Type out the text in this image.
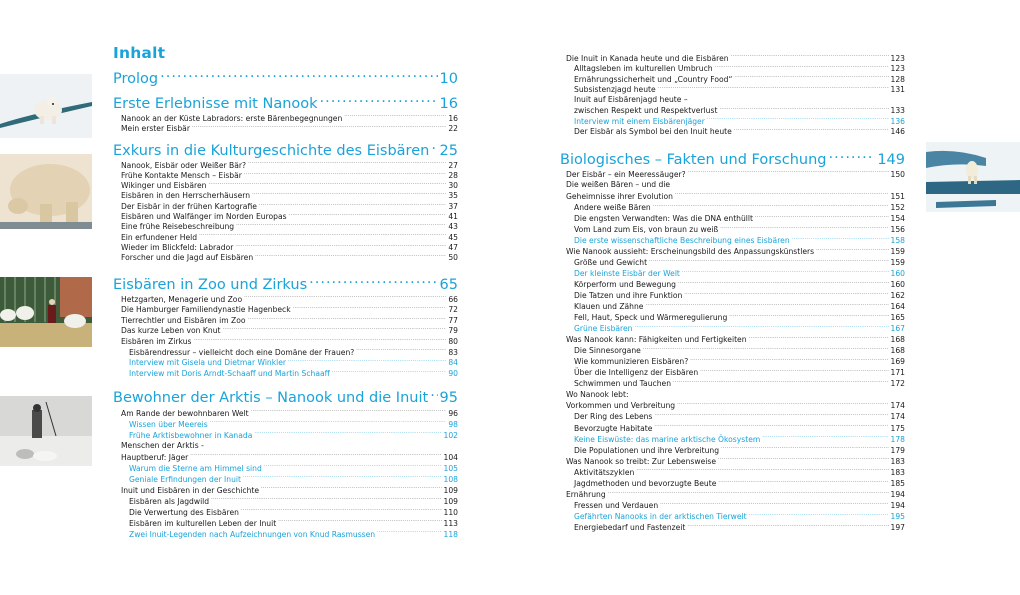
Inhalt
Prolog .....	10
Erste Erlebnisse mit Nanook .....	16
Nanook an der Küste Labradors: erste Bärenbegegnungen .....	16
Mein erster Eisbär .....	22
Exkurs in die Kulturgeschichte des Eisbären ..... 25
Nanook, Eisbär oder Weißer Bär? .....	27
Frühe Kontakte Mensch – Eisbär .....	28
Wikinger und Eisbären .....	30
Eisbären in den Herrscherhäusern .....	35
Der Eisbär in der frühen Kartografie .....	37
Eisbären und Walfänger im Norden Europas .....	41
Eine frühe Reisebeschreibung .....	43
Ein erfundener Held .....	45
Wieder im Blickfeld: Labrador .....	47
Forscher und die Jagd auf Eisbären .....	50
Eisbären in Zoo und Zirkus .....	65
Hetzgarten, Menagerie und Zoo .....	66
Die Hamburger Familiendynastie Hagenbeck .....	72
Tierrechtler und Eisbären im Zoo .....	77
Das kurze Leben von Knut .....	79
Eisbären im Zirkus .....	80
Eisbärendressur – vielleicht doch eine Domäne der Frauen? .....	83
Interview mit Gisela und Dietmar Winkler .....	84
Interview mit Doris Arndt-Schaaff und Martin Schaaff .....	90
Bewohner der Arktis – Nanook und die Inuit ..... 95
Am Rande der bewohnbaren Welt .....	96
Wissen über Meereis .....	98
Frühe Arktisbewohner in Kanada .....	102
Menschen der Arktis -
Hauptberuf: Jäger .....	104
Warum die Sterne am Himmel sind .....	105
Geniale Erfindungen der Inuit .....	108
Inuit und Eisbären in der Geschichte .....	109
Eisbären als Jagdwild .....	109
Die Verwertung des Eisbären .....	110
Eisbären im kulturellen Leben der Inuit .....	113
Zwei Inuit-Legenden nach Aufzeichnungen von Knud Rasmussen .....	118
Die Inuit in Kanada heute und die Eisbären .....	123
Alltagsleben im kulturellen Umbruch .....	123
Ernährungssicherheit und „Country Food“ .....	128
Subsistenzjagd heute .....	131
Inuit auf Eisbärenjagd heute –
zwischen Respekt und Respektverlust .....	133
Interview mit einem Eisbärenjäger .....	136
Der Eisbär als Symbol bei den Inuit heute .....	146
Biologisches – Fakten und Forschung .....	149
Der Eisbär – ein Meeressäuger? .....	150
Die weißen Bären – und die
Geheimnisse ihrer Evolution .....	151
Andere weiße Bären .....	152
Die engsten Verwandten: Was die DNA enthüllt .....	154
Vom Land zum Eis, von braun zu weiß .....	156
Die erste wissenschaftliche Beschreibung eines Eisbären .....	158
Wie Nanook aussieht: Erscheinungsbild des Anpassungskünstlers .....	159
Größe und Gewicht .....	159
Der kleinste Eisbär der Welt .....	160
Körperform und Bewegung .....	160
Die Tatzen und ihre Funktion .....	162
Klauen und Zähne .....	164
Fell, Haut, Speck und Wärmeregulierung .....	165
Grüne Eisbären .....	167
Was Nanook kann: Fähigkeiten und Fertigkeiten .....	168
Die Sinnesorgane .....	168
Wie kommunizieren Eisbären? .....	169
Über die Intelligenz der Eisbären .....	171
Schwimmen und Tauchen .....	172
Wo Nanook lebt:
Vorkommen und Verbreitung .....	174
Der Ring des Lebens .....	174
Bevorzugte Habitate .....	175
Keine Eiswüste: das marine arktische Ökosystem .....	178
Die Populationen und ihre Verbreitung .....	179
Was Nanook so treibt: Zur Lebensweise .....	183
Aktivitätszyklen .....	183
Jagdmethoden und bevorzugte Beute .....	185
Ernährung .....	194
Fressen und Verdauen .....	194
Gefährten Nanooks in der arktischen Tierwelt .....	195
Energiebedarf und Fastenzeit .....	197
